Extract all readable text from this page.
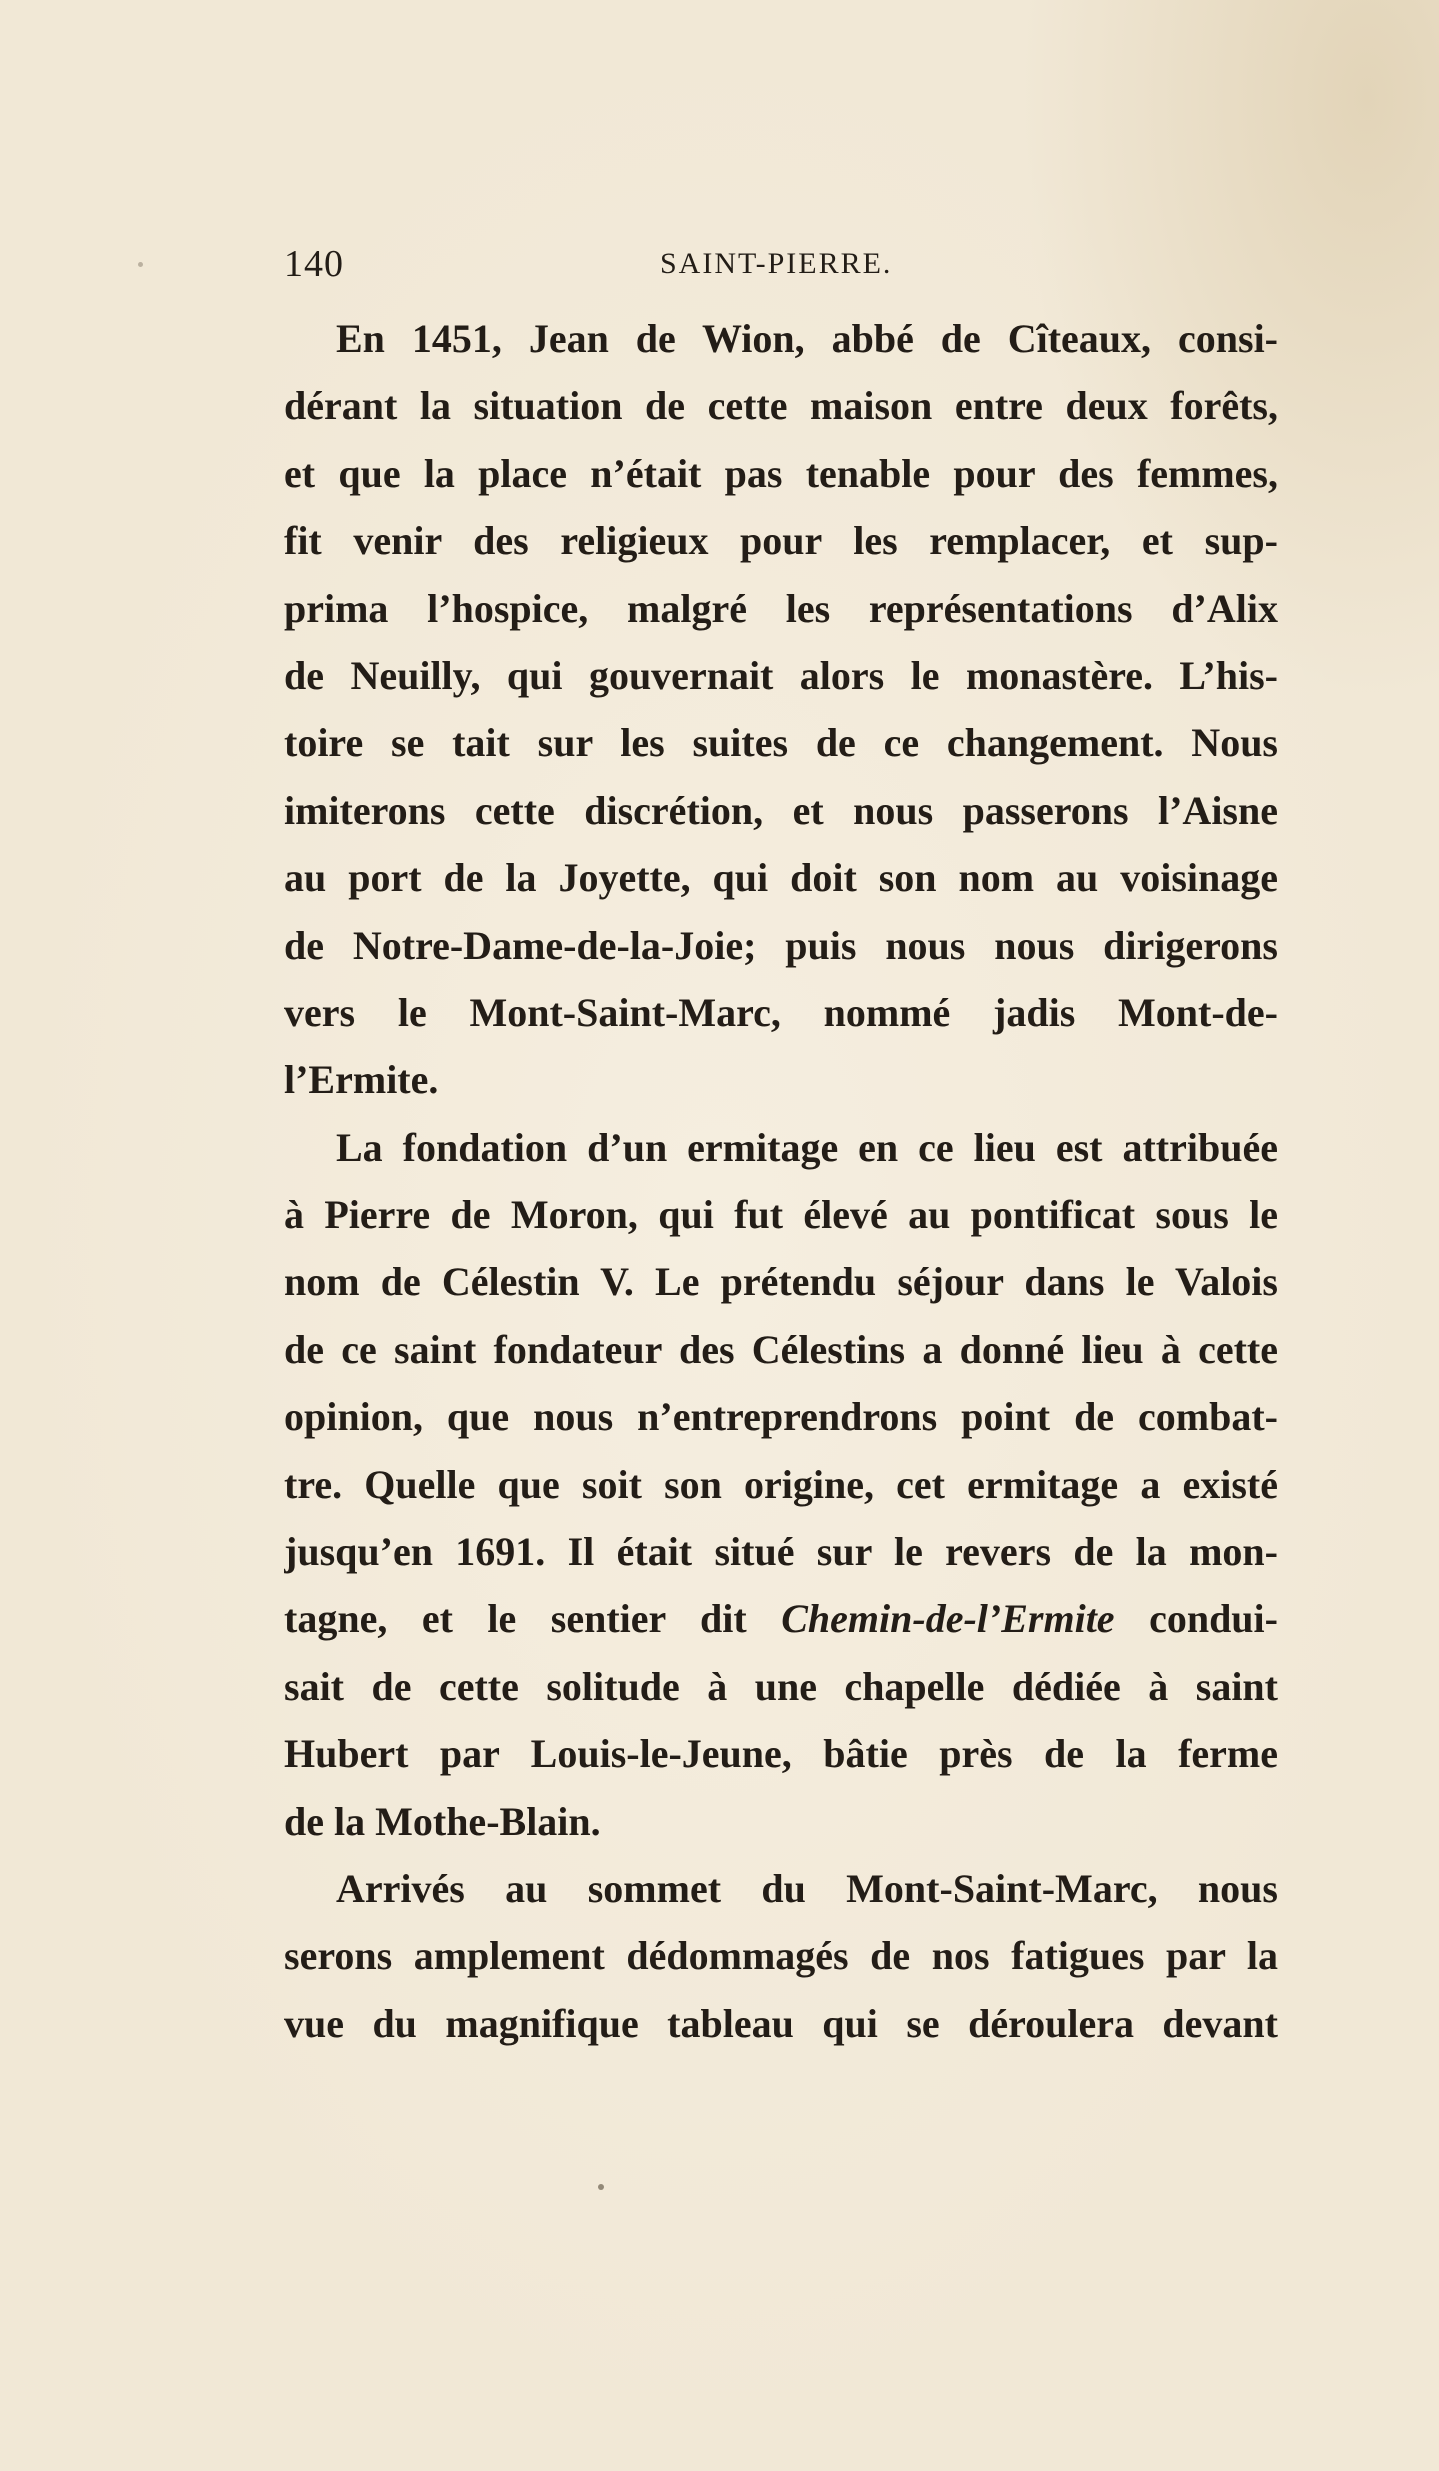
140	SAINT-PIERRE.
En 1451, Jean de Wion, abbé de Cîteaux, consi-
dérant la situation de cette maison entre deux forêts,
et que la place n’était pas tenable pour des femmes,
fit venir des religieux pour les remplacer, et sup-
prima l’hospice, malgré les représentations d’Alix
de Neuilly, qui gouvernait alors le monastère. L’his-
toire se tait sur les suites de ce changement. Nous
imiterons cette discrétion, et nous passerons l’Aisne
au port de la Joyette, qui doit son nom au voisinage
de Notre-Dame-de-la-Joie; puis nous nous dirigerons
vers le Mont-Saint-Marc, nommé jadis Mont-de-
l’Ermite.
La fondation d’un ermitage en ce lieu est attribuée
à Pierre de Moron, qui fut élevé au pontificat sous le
nom de Célestin V. Le prétendu séjour dans le Valois
de ce saint fondateur des Célestins a donné lieu à cette
opinion, que nous n’entreprendrons point de combat-
tre. Quelle que soit son origine, cet ermitage a existé
jusqu’en 1691. Il était situé sur le revers de la mon-
tagne, et le sentier dit Chemin-de-l’Ermite condui-
sait de cette solitude à une chapelle dédiée à saint
Hubert par Louis-le-Jeune, bâtie près de la ferme
de la Mothe-Blain.
Arrivés au sommet du Mont-Saint-Marc, nous
serons amplement dédommagés de nos fatigues par la
vue du magnifique tableau qui se déroulera devant
